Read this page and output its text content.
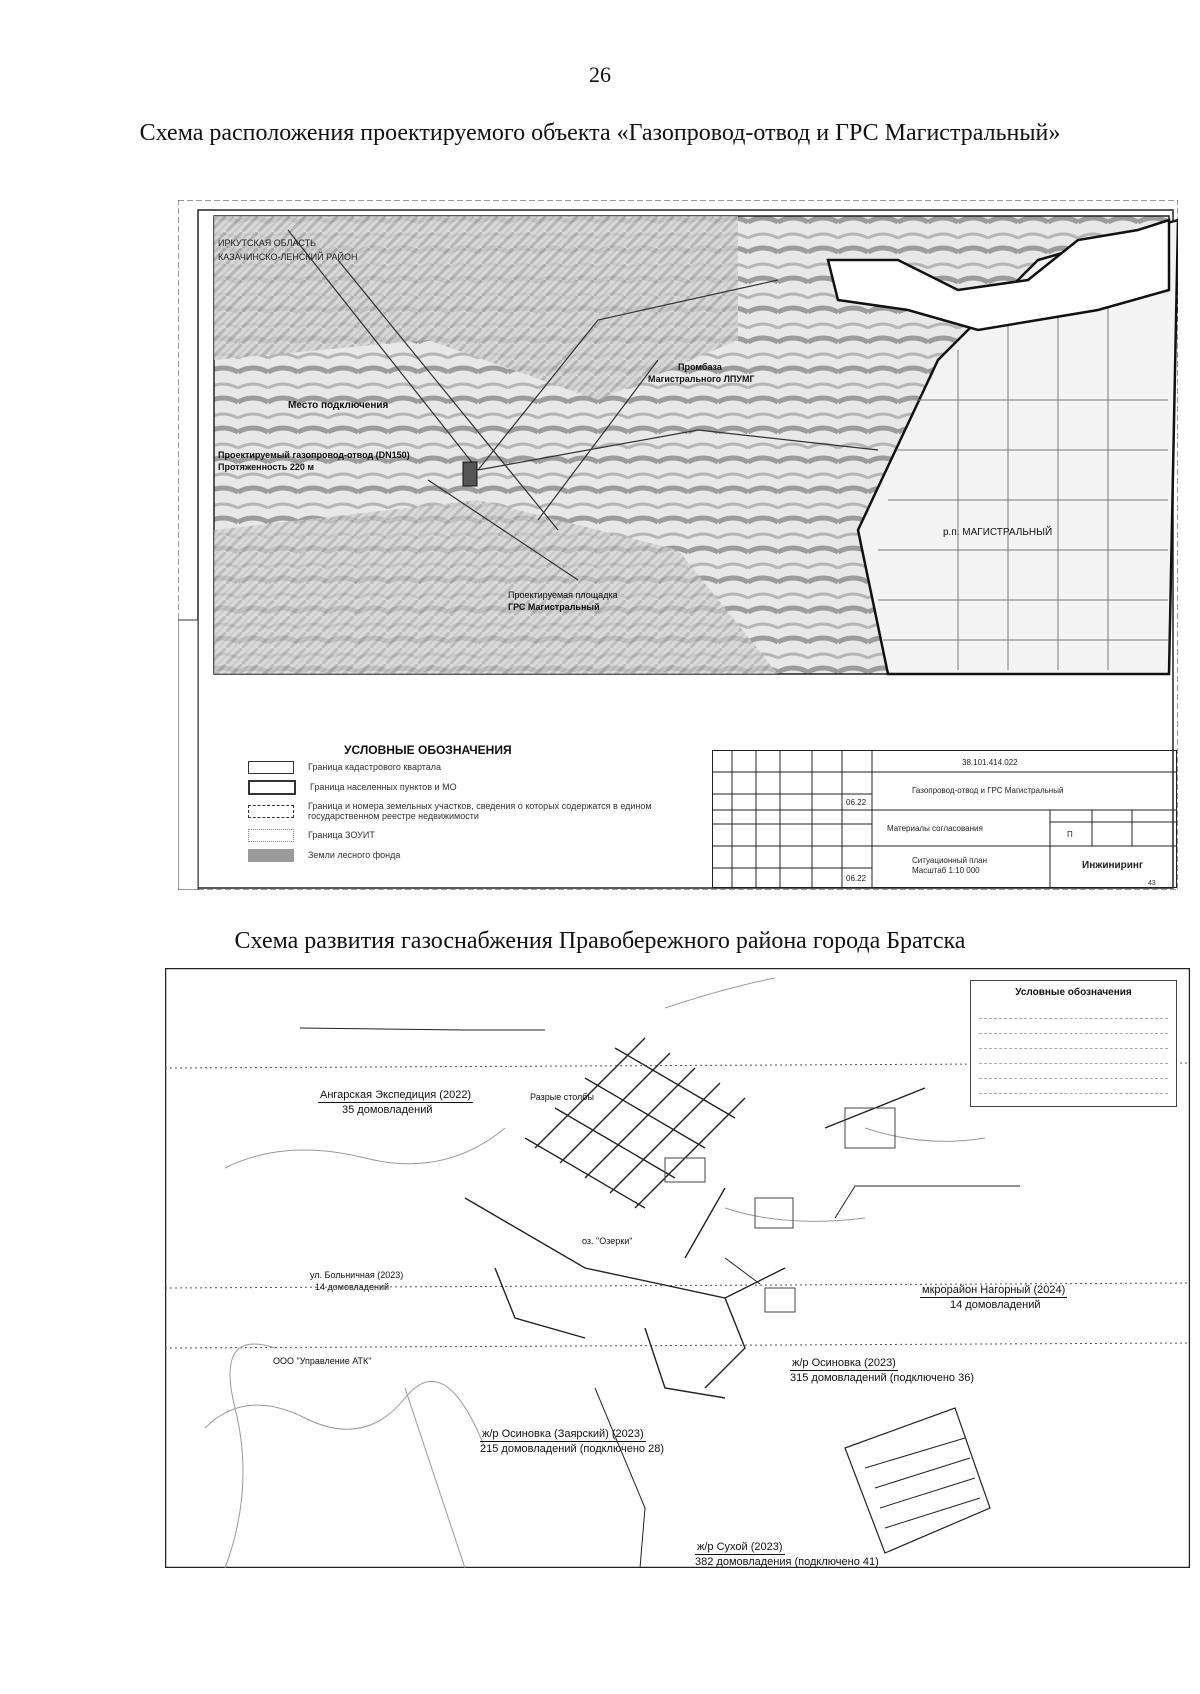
26
Схема расположения проектируемого объекта «Газопровод-отвод и ГРС Магистральный»
ИРКУТСКАЯ ОБЛАСТЬ
КАЗАЧИНСКО-ЛЕНСКИЙ РАЙОН
Место подключения
Проектируемый газопровод-отвод (DN150)
Протяженность 220 м
Промбаза
Магистрального ЛПУМГ
Проектируемая площадка
ГРС Магистральный
р.п. МАГИСТРАЛЬНЫЙ
43
УСЛОВНЫЕ ОБОЗНАЧЕНИЯ
Граница кадастрового квартала
Граница населенных пунктов и МО
Граница и номера земельных участков, сведения о которых содержатся в едином государственном реестре недвижимости
Граница ЗОУИТ
Земли лесного фонда
38.101.414.022
Газопровод-отвод и ГРС Магистральный
Материалы согласования
П
Ситуационный план
Масштаб 1:10 000
06.22
06.22
Инжиниринг
Схема развития газоснабжения Правобережного района города Братска
Условные обозначения
Ангарская Экспедиция (2022)

35 домовладений
мкрорайон Нагорный (2024)

14 домовладений
ж/р Осиновка (2023)

315 домовладений (подключено 36)
ж/р Осиновка (Заярский) (2023)

215 домовладений (подключено 28)
ж/р Сухой (2023)

382 домовладения (подключено 41)
Разрые столбы
ул. Больничная (2023)
14 домовладений
ООО "Управление АТК"
оз. "Озерки"
